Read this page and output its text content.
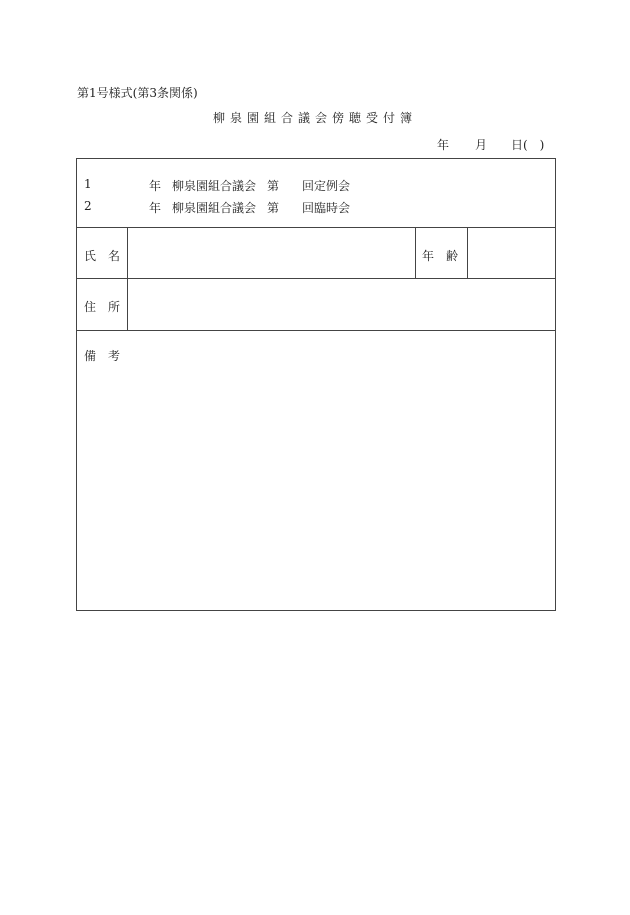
第1号様式(第3条関係)
柳泉園組合議会傍聴受付簿
年 月 日(　)
1	年 柳泉園組合議会 第 回定例会
2	年 柳泉園組合議会 第 回臨時会
氏名	年齢
住所
備考
